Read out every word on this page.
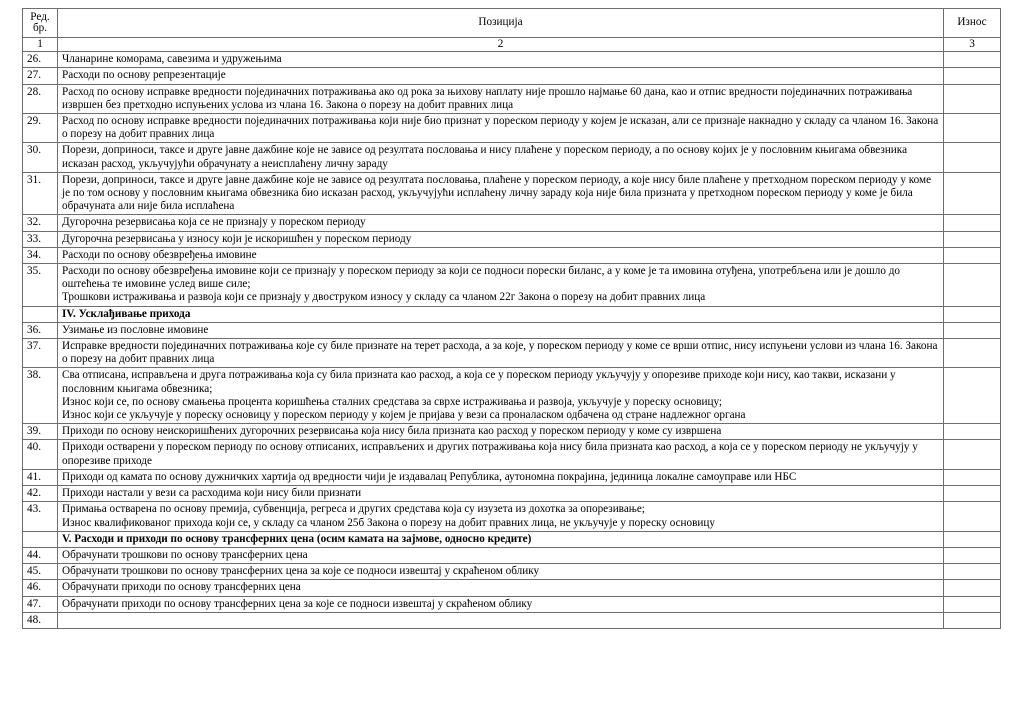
Ред.
бр.	Позиција	Износ
1	2	3
26.	Чланарине коморама, савезима и удружењима	

27.	Расходи по основу репрезентације	

28.	Расход по основу исправке вредности појединачних потраживања ако од рока за њихову наплату није прошло најмање 60 дана, као и отпис вредности појединачних потраживања извршен без претходно испуњених услова из члана 16. Закона о порезу на добит правних лица	

29.	Расход по основу исправке вредности појединачних потраживања који није био признат у пореском периоду у којем је исказан, али се признаје накнадно у складу са чланом 16. Закона о порезу на добит правних лица	

30.	Порези, доприноси, таксе и друге јавне дажбине које не зависе од резултата пословања и нису плаћене у пореском периоду, а по основу којих је у пословним књигама обвезника исказан расход, укључујући обрачунату а неисплаћену личну зараду	

31.	Порези, доприноси, таксе и друге јавне дажбине које не зависе од резултата пословања, плаћене у пореском периоду, а које нису биле плаћене у претходном пореском периоду у коме је по том основу у пословним књигама обвезника био исказан расход, укључујући исплаћену личну зараду која није била призната у претходном пореском периоду у коме је била обрачуната али није била исплаћена	

32.	Дугорочна резервисања која се не признају у пореском периоду	

33.	Дугорочна резервисања у износу који је искоришћен у пореском периоду	

34.	Расходи по основу обезвређења имовине	

35.	Расходи по основу обезвређења имовине који се признају у пореском периоду за који се подноси порески биланс, а у коме је та имовина отуђена, употребљена или је дошло до оштећења те имовине услед више силе;
Трошкови истраживања и развоја који се признају у двоструком износу у складу са чланом 22г Закона о порезу на добит правних лица	

	IV. Усклађивање прихода	

36.	Узимање из пословне имовине	

37.	Исправке вредности појединачних потраживања које су биле признате на терет расхода, а за које, у пореском периоду у коме се врши отпис, нису испуњени услови из члана 16. Закона о порезу на добит правних лица	

38.	Сва отписана, исправљена и друга потраживања која су била призната као расход, а која се у пореском периоду укључују у опорезиве приходе који нису, као такви, исказани у пословним књигама обвезника;
Износ који се, по основу смањења процента коришћења сталних средстава за сврхе истраживања и развоја, укључује у пореску основицу;
Износ који се укључује у пореску основицу у пореском периоду у којем је пријава у вези са проналаском одбачена од стране надлежног органа	

39.	Приходи по основу неискоришћених дугорочних резервисања која нису била призната као расход у пореском периоду у коме су извршена	

40.	Приходи остварени у пореском периоду по основу отписаних, исправљених и других потраживања која нису била призната као расход, а која се у пореском периоду не укључују у опорезиве приходе	

41.	Приходи од камата по основу дужничких хартија од вредности чији је издавалац Република, аутономна покрајина, јединица локалне самоуправе или НБС	

42.	Приходи настали у вези са расходима који нису били признати	

43.	Примања остварена по основу премија, субвенција, регреса и других средстава која су изузета из дохотка за опорезивање;
Износ квалификованог прихода који се, у складу са чланом 25б Закона о порезу на добит правних лица, не укључује у пореску основицу	

	V. Расходи и приходи по основу трансферних цена (осим камата на зајмове, односно кредите)	

44.	Обрачунати трошкови по основу трансферних цена	

45.	Обрачунати трошкови по основу трансферних цена за које се подноси извештај у скраћеном облику	

46.	Обрачунати приходи по основу трансферних цена	

47.	Обрачунати приходи по основу трансферних цена за које се подноси извештај у скраћеном облику	

48.	
